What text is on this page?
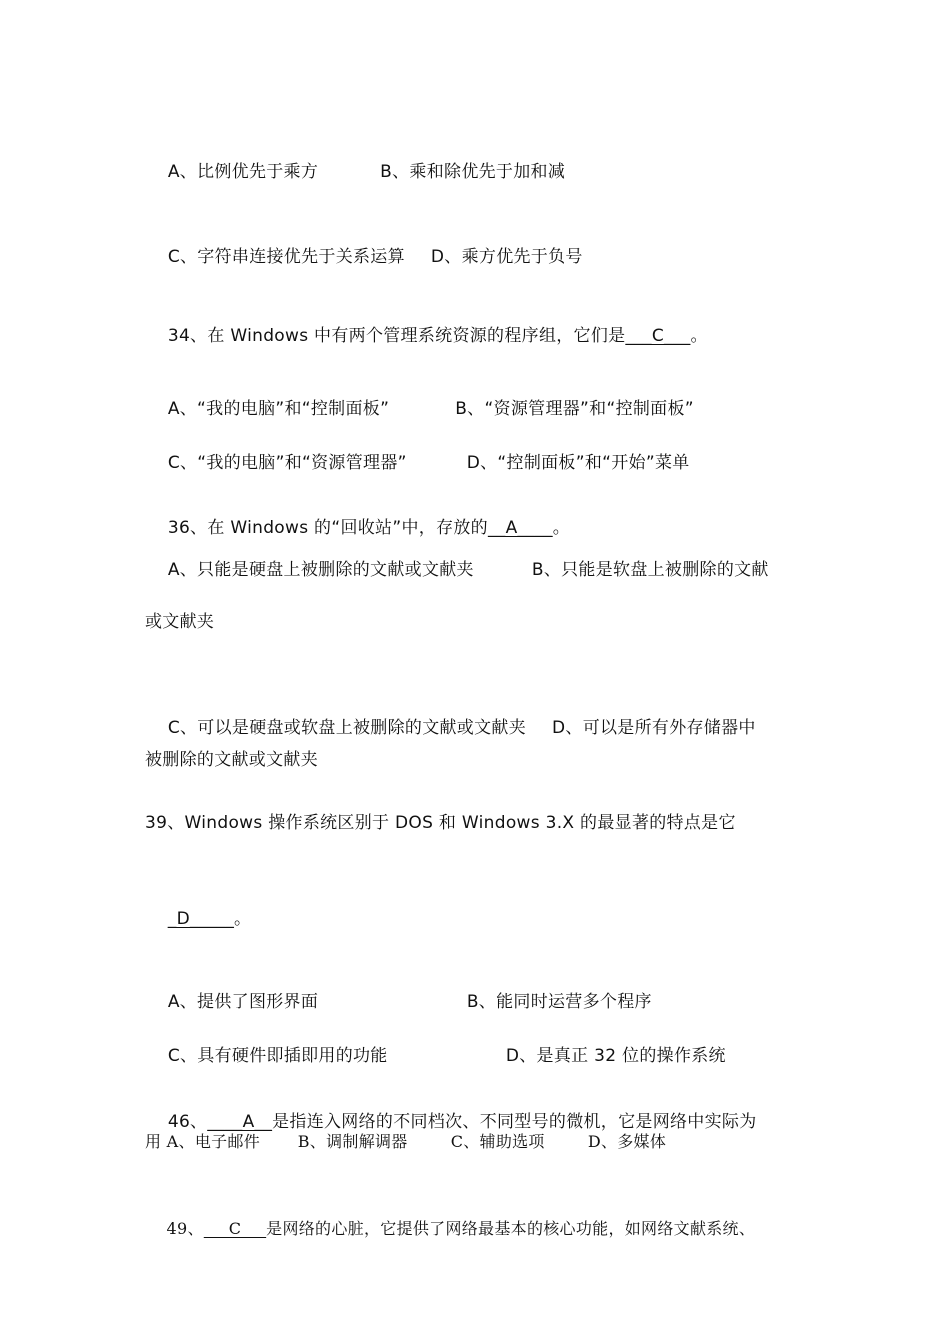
A、比例优先于乘方	B、乘和除优先于加和减

C、字符串连接优先于关系运算 D、乘方优先于负号

34、在 Windows 中有两个管理系统资源的程序组，它们是___C___。

A、“我的电脑”和“控制面板”	B、“资源管理器”和“控制面板”

C、“我的电脑”和“资源管理器”	D、“控制面板”和“开始”菜单

36、在 Windows 的“回收站”中，存放的__A____。

A、只能是硬盘上被删除的文献或文献夹	B、只能是软盘上被删除的文献

或文献夹

C、可以是硬盘或软盘上被删除的文献或文献夹 D、可以是所有外存储器中

被删除的文献或文献夹
39、Windows 操作系统区别于 DOS 和 Windows 3.X 的最显著的特点是它

_D_____。

A、提供了图形界面	B、能同时运营多个程序

C、具有硬件即插即用的功能	D、是真正 32 位的操作系统

46、____A__是指连入网络的不同档次、不同型号的微机，它是网络中实际为

用 A、电子邮件       B、调制解调器        C、辅助选项        D、多媒体

49、___C___是网络的心脏，它提供了网络最基本的核心功能，如网络文献系统、
